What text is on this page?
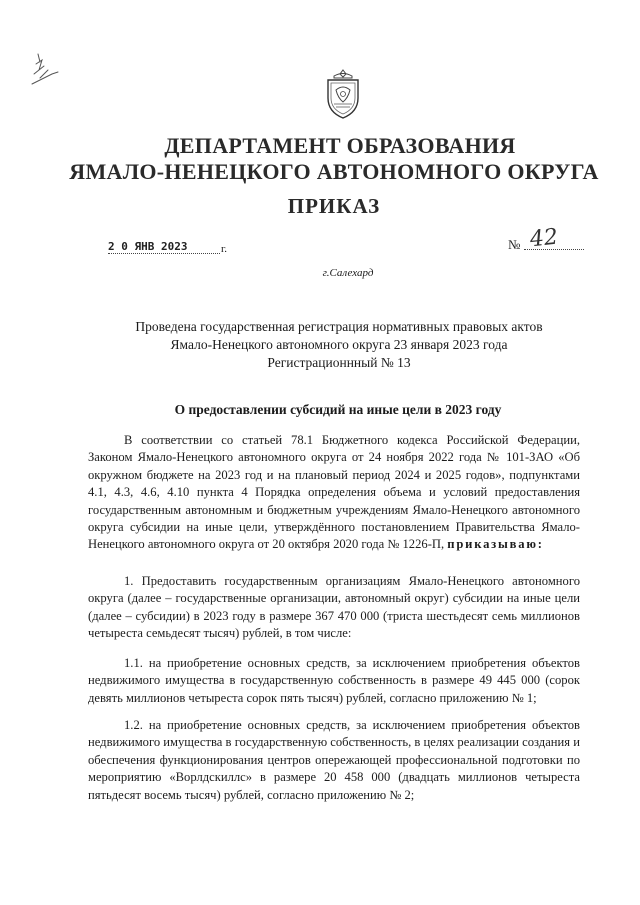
ДЕПАРТАМЕНТ ОБРАЗОВАНИЯ
ЯМАЛО-НЕНЕЦКОГО АВТОНОМНОГО ОКРУГА
ПРИКАЗ
2 0 ЯНВ 2023	г.	№ 42
г.Салехард
Проведена государственная регистрация нормативных правовых актов
Ямало-Ненецкого автономного округа 23 января 2023 года
Регистрационнный № 13
О предоставлении субсидий на иные цели в 2023 году
В соответствии со статьей 78.1 Бюджетного кодекса Российской Федерации, Законом Ямало-Ненецкого автономного округа от 24 ноября 2022 года № 101-ЗАО «Об окружном бюджете на 2023 год и на плановый период 2024 и 2025 годов», подпунктами 4.1, 4.3, 4.6, 4.10 пункта 4 Порядка определения объема и условий предоставления государственным автономным и бюджетным учреждениям Ямало-Ненецкого автономного округа субсидии на иные цели, утверждённого постановлением Правительства Ямало-Ненецкого автономного округа от 20 октября 2020 года № 1226-П, приказываю:
1. Предоставить государственным организациям Ямало-Ненецкого автономного округа (далее – государственные организации, автономный округ) субсидии на иные цели (далее – субсидии) в 2023 году в размере 367 470 000 (триста шестьдесят семь миллионов четыреста семьдесят тысяч) рублей, в том числе:
1.1. на приобретение основных средств, за исключением приобретения объектов недвижимого имущества в государственную собственность в размере 49 445 000 (сорок девять миллионов четыреста сорок пять тысяч) рублей, согласно приложению № 1;
1.2. на приобретение основных средств, за исключением приобретения объектов недвижимого имущества в государственную собственность, в целях реализации создания и обеспечения функционирования центров опережающей профессиональной подготовки по мероприятию «Ворлдскиллс» в размере 20 458 000 (двадцать миллионов четыреста пятьдесят восемь тысяч) рублей, согласно приложению № 2;
